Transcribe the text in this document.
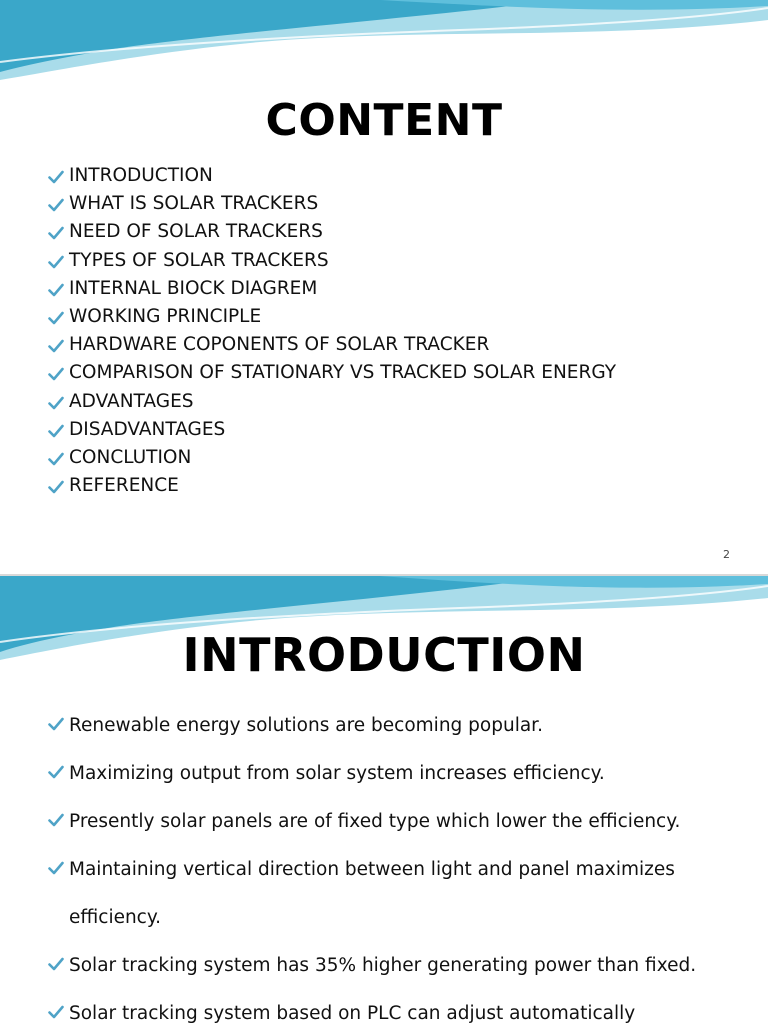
CONTENT
INTRODUCTION
WHAT IS SOLAR TRACKERS
NEED OF SOLAR TRACKERS
TYPES OF SOLAR TRACKERS
INTERNAL BIOCK DIAGREM
WORKING PRINCIPLE
HARDWARE COPONENTS OF SOLAR TRACKER
COMPARISON OF STATIONARY VS TRACKED SOLAR ENERGY
ADVANTAGES
DISADVANTAGES
CONCLUTION
REFERENCE
2
INTRODUCTION
Renewable energy solutions are becoming popular.
Maximizing output from solar system increases efficiency.
Presently solar panels are of fixed type which lower the efficiency.
Maintaining vertical direction between light and panel maximizes efficiency.
Solar tracking system has 35% higher generating power than fixed.
Solar tracking system based on PLC can adjust automatically
